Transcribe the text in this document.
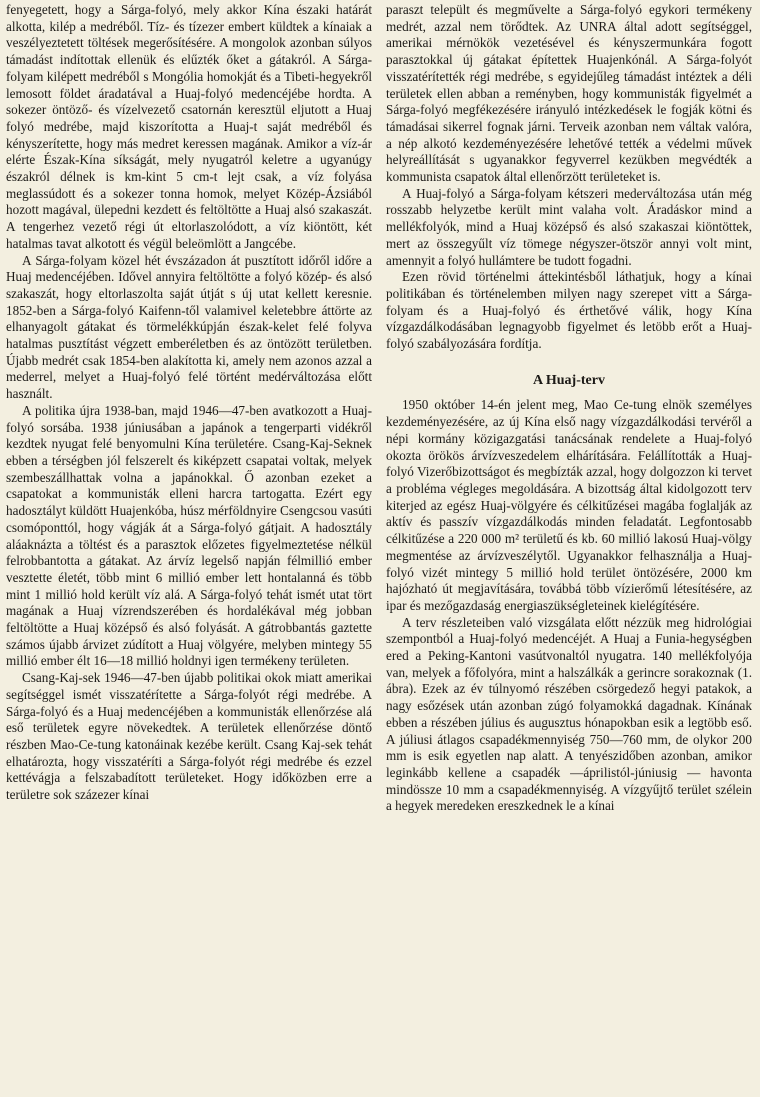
fenyegetett, hogy a Sárga-folyó, mely akkor Kína északi határát alkotta, kilép a medréből. Tíz- és tízezer embert küldtek a kínaiak a veszélyeztetett töltések megerősítésére. A mongolok azonban súlyos támadást indítottak ellenük és elűzték őket a gátakról. A Sárga-folyam kilépett medréből s Mongólia homokját és a Tibeti-hegyekről lemosott földet áradatával a Huaj-folyó medencéjébe hordta. A sokezer öntöző- és vízelvezető csatornán keresztül eljutott a Huaj folyó medrébe, majd kiszorította a Huaj-t saját medréből és kényszerítette, hogy más medret keressen magának. Amikor a víz-ár elérte Észak-Kína síkságát, mely nyugatról keletre a ugyanúgy északról délnek is km-kint 5 cm-t lejt csak, a víz folyása meglassúdott és a sokezer tonna homok, melyet Közép-Ázsiából hozott magával, ülepedni kezdett és feltöltötte a Huaj alsó szakaszát. A tengerhez vezető régi út eltorlaszolódott, a víz kiöntött, két hatalmas tavat alkotott és végül beleömlött a Jangcébe.

A Sárga-folyam közel hét évszázadon át pusztított időről időre a Huaj medencéjében. Idővel annyira feltöltötte a folyó közép- és alsó szakaszát, hogy eltorlaszolta saját útját s új utat kellett keresnie. 1852-ben a Sárga-folyó Kaifenn-től valamivel keletebbre áttörte az elhanyagolt gátakat és törmelékkúpján észak-kelet felé folyva hatalmas pusztítást végzett emberéletben és az öntözött területben. Újabb medrét csak 1854-ben alakította ki, amely nem azonos azzal a mederrel, melyet a Huaj-folyó felé történt medérváltozása előtt használt.

A politika újra 1938-ban, majd 1946—47-ben avatkozott a Huaj-folyó sorsába. 1938 júniusában a japánok a tengerparti vidékről kezdtek nyugat felé benyomulni Kína területére. Csang-Kaj-Seknek ebben a térségben jól felszerelt és kiképzett csapatai voltak, melyek szembeszállhattak volna a japánokkal. Ő azonban ezeket a csapatokat a kommunisták elleni harcra tartogatta. Ezért egy hadosztályt küldött Huajenkóba, húsz mérföldnyire Csengcsou vasúti csomóponttól, hogy vágják át a Sárga-folyó gátjait. A hadosztály aláaknázta a töltést és a parasztok előzetes figyelmeztetése nélkül felrobbantotta a gátakat. Az árvíz legelső napján félmillió ember vesztette életét, több mint 6 millió ember lett hontalanná és több mint 1 millió hold került víz alá. A Sárga-folyó tehát ismét utat tört magának a Huaj vízrendszerében és hordalékával még jobban feltöltötte a Huaj középső és alsó folyását. A gátrobbantás gaztette számos újabb árvizet zúdított a Huaj völgyére, melyben mintegy 55 millió ember élt 16—18 millió holdnyi igen termékeny területen.

Csang-Kaj-sek 1946—47-ben újabb politikai okok miatt amerikai segítséggel ismét visszatérítette a Sárga-folyót régi medrébe. A Sárga-folyó és a Huaj medencéjében a kommunisták ellenőrzése alá eső területek egyre növekedtek. A területek ellenőrzése döntő részben Mao-Ce-tung katonáinak kezébe került. Csang Kaj-sek tehát elhatározta, hogy visszatéríti a Sárga-folyót régi medrébe és ezzel kettévágja a felszabadított területeket. Hogy időközben erre a területre sok százezer kínai

paraszt települt és megművelte a Sárga-folyó egykori termékeny medrét, azzal nem törődtek. Az UNRA által adott segítséggel, amerikai mérnökök vezetésével és kényszermunkára fogott parasztokkal új gátakat építettek Huajenkónál. A Sárga-folyót visszatérítették régi medrébe, s egyidejűleg támadást intéztek a déli területek ellen abban a reményben, hogy kommunisták figyelmét a Sárga-folyó megfékezésére irányuló intézkedések le fogják kötni és támadásai sikerrel fognak járni. Terveik azonban nem váltak valóra, a nép alkotó kezdeményezésére lehetővé tették a védelmi művek helyreállítását s ugyanakkor fegyverrel kezükben megvédték a kommunista csapatok által ellenőrzött területeket is.

A Huaj-folyó a Sárga-folyam kétszeri mederváltozása után még rosszabb helyzetbe került mint valaha volt. Áradáskor mind a mellékfolyók, mind a Huaj középső és alsó szakaszai kiöntöttek, mert az összegyűlt víz tömege négyszer-ötször annyi volt mint, amennyit a folyó hullámtere be tudott fogadni.

Ezen rövid történelmi áttekintésből láthatjuk, hogy a kínai politikában és történelemben milyen nagy szerepet vitt a Sárga-folyam és a Huaj-folyó és érthetővé válik, hogy Kína vízgazdálkodásában legnagyobb figyelmet és letöbb erőt a Huaj-folyó szabályozására fordítja.

A Huaj-terv

1950 október 14-én jelent meg, Mao Ce-tung elnök személyes kezdeményezésére, az új Kína első nagy vízgazdálkodási tervéről a népi kormány közigazgatási tanácsának rendelete a Huaj-folyó okozta örökös árvízveszedelem elhárítására. Felállították a Huaj-folyó Vizerőbizottságot és megbízták azzal, hogy dolgozzon ki tervet a probléma végleges megoldására. A bizottság által kidolgozott terv kiterjed az egész Huaj-völgyére és célkitűzései magába foglalják az aktív és passzív vízgazdálkodás minden feladatát. Legfontosabb célkitűzése a 220 000 m² területű és kb. 60 millió lakosú Huaj-völgy megmentése az árvízveszélytől. Ugyanakkor felhasználja a Huaj-folyó vizét mintegy 5 millió hold terület öntözésére, 2000 km hajózható út megjavítására, továbbá több vízierőmű létesítésére, az ipar és mezőgazdaság energiaszükségleteinek kielégítésére.

A terv részleteiben való vizsgálata előtt nézzük meg hidrológiai szempontból a Huaj-folyó medencéjét. A Huaj a Funia-hegységben ered a Peking-Kantoni vasútvonaltól nyugatra. 140 mellékfolyója van, melyek a főfolyóra, mint a halszálkák a gerincre sorakoznak (1. ábra). Ezek az év túlnyomó részében csörgedező hegyi patakok, a nagy esőzések után azonban zúgó folyamokká dagadnak. Kínának ebben a részében július és augusztus hónapokban esik a legtöbb eső. A júliusi átlagos csapadékmennyiség 750—760 mm, de olykor 200 mm is esik egyetlen nap alatt. A tenyészidőben azonban, amikor leginkább kellene a csapadék —áprilistól-júniusig — havonta mindössze 10 mm a csapadékmennyiség. A vízgyűjtő terület szélein a hegyek meredeken ereszkednek le a kínai
